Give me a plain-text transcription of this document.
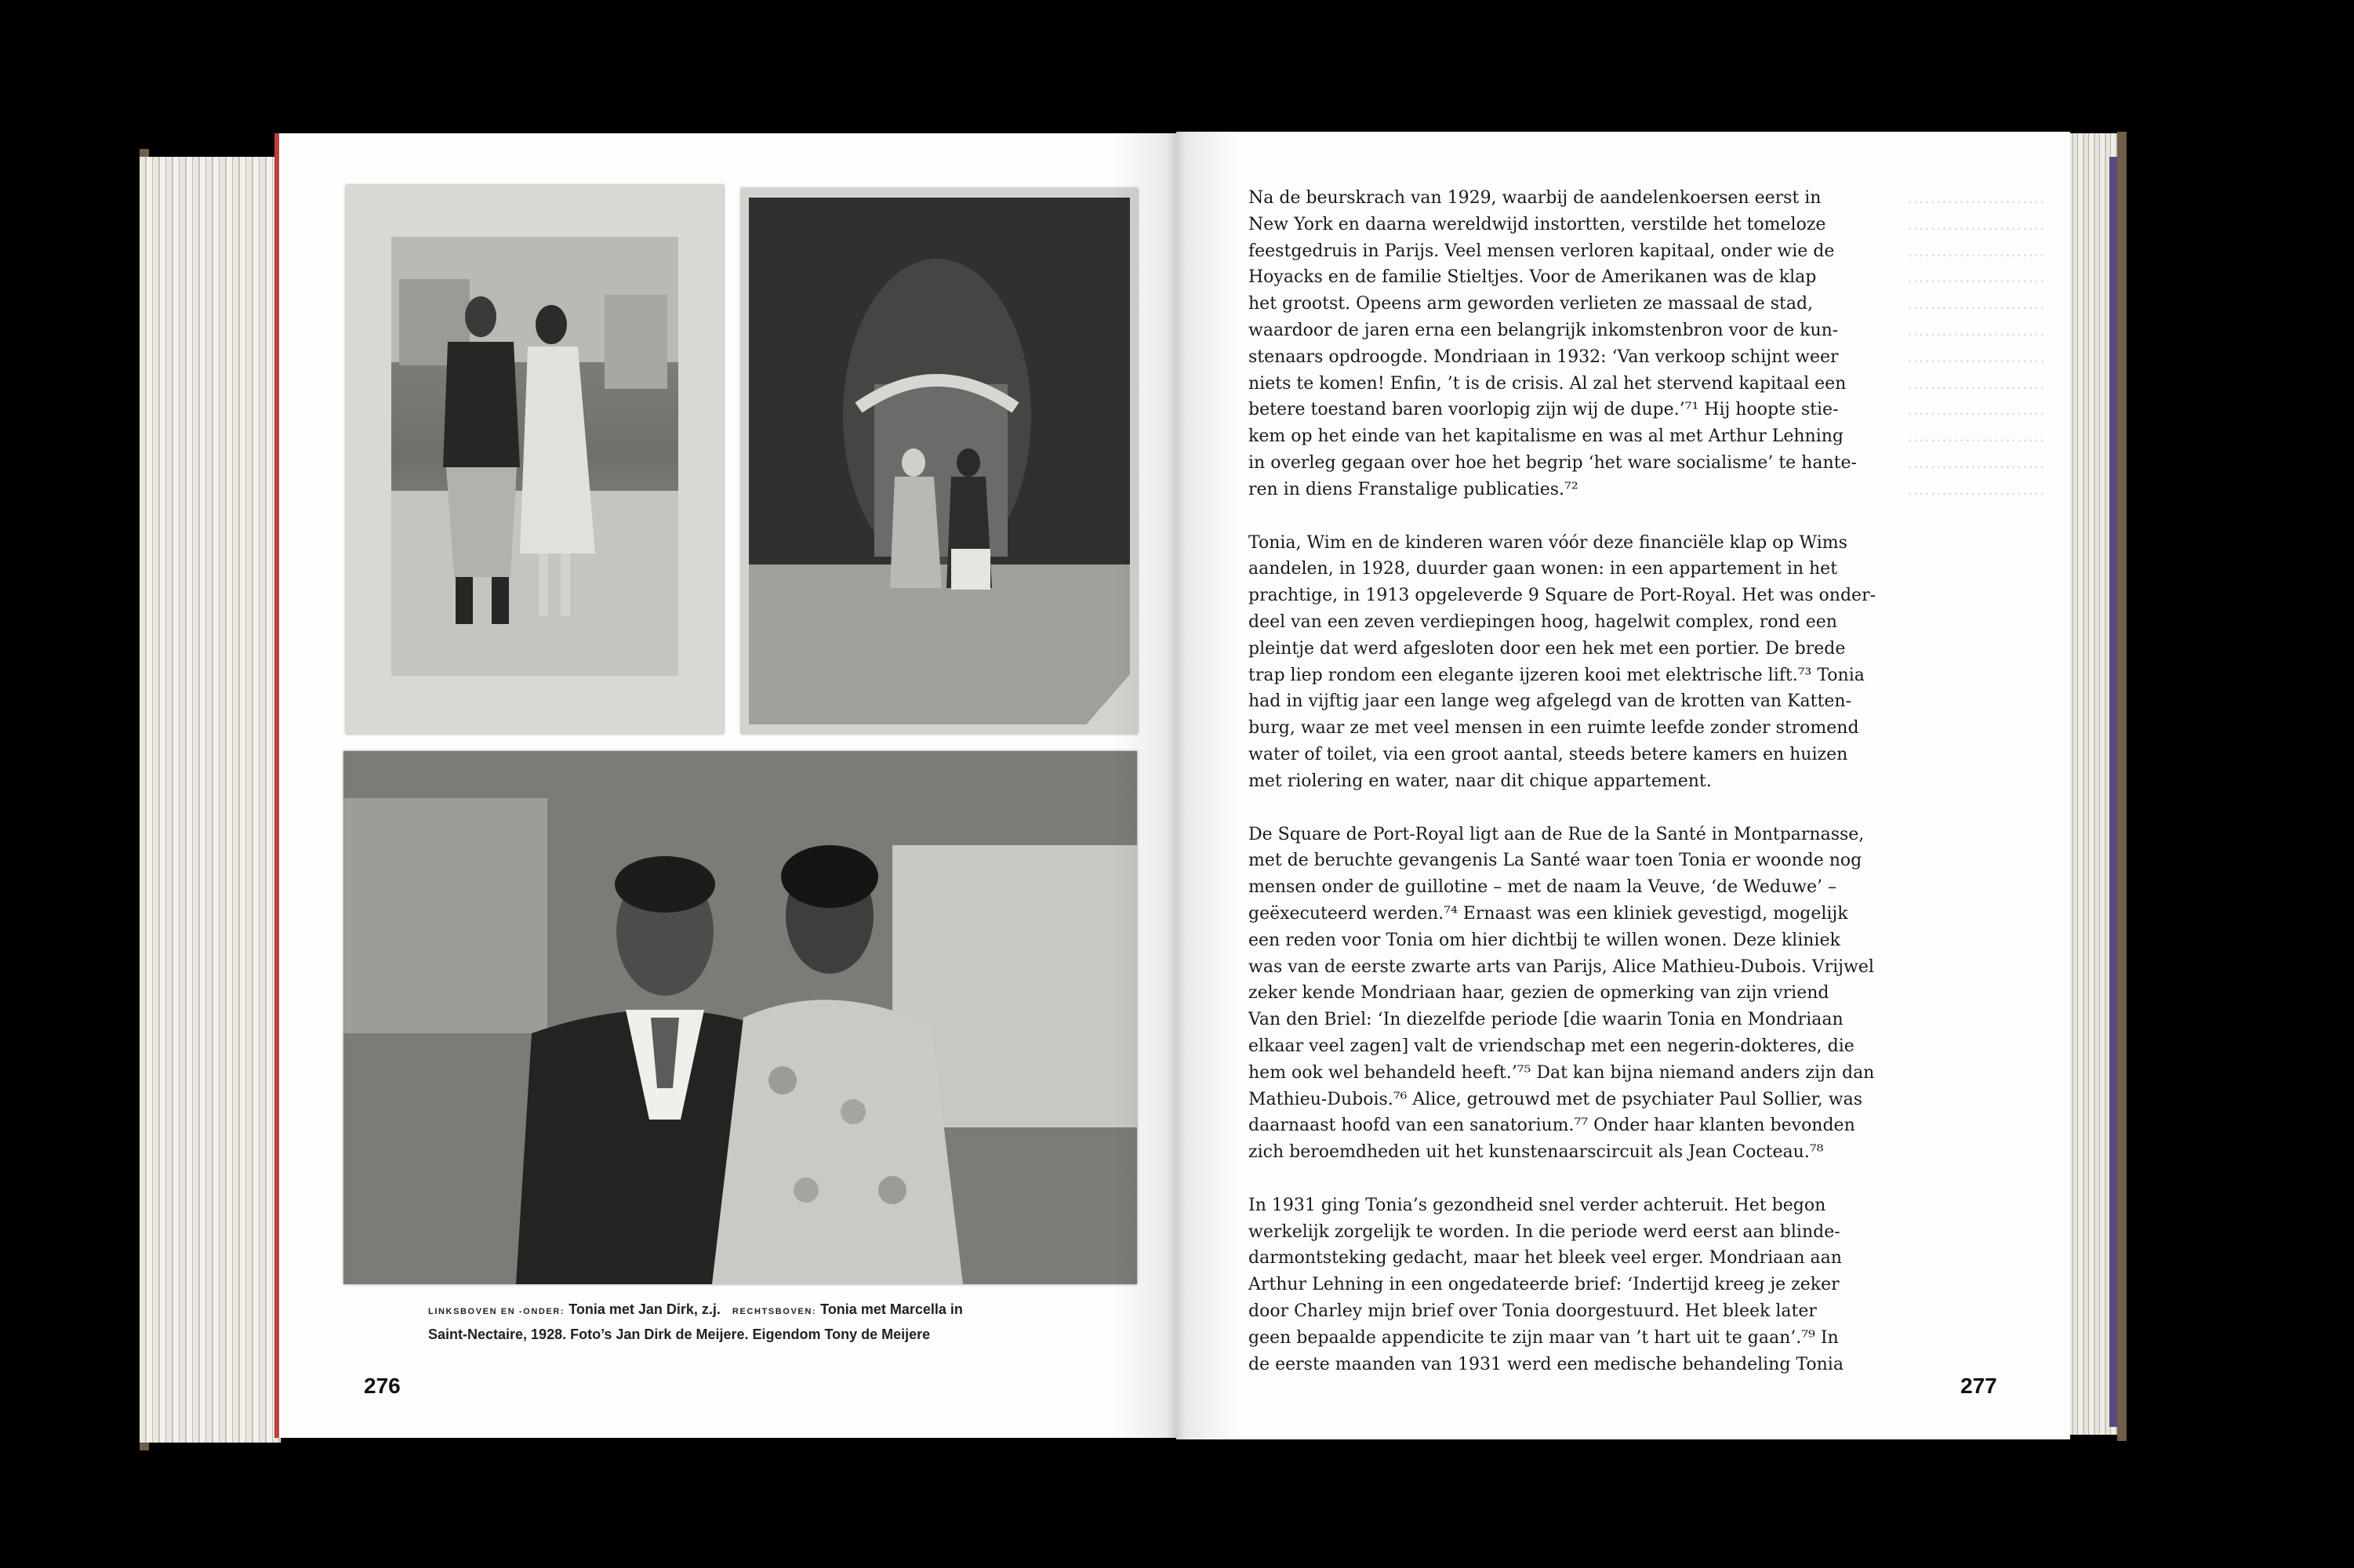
LINKSBOVEN EN -ONDER: Tonia met Jan Dirk, z.j. RECHTSBOVEN: Tonia met Marcella in
Saint-Nectaire, 1928. Foto’s Jan Dirk de Meijere. Eigendom Tony de Meijere
276
……………………
……………………
……………………
……………………
……………………
……………………
……………………
……………………
……………………
……………………
……………………
……………………

Na de beurskrach van 1929, waarbij de aandelenkoersen eerst in
New York en daarna wereldwijd instortten, verstilde het tomeloze
feestgedruis in Parijs. Veel mensen verloren kapitaal, onder wie de
Hoyacks en de familie Stieltjes. Voor de Amerikanen was de klap
het grootst. Opeens arm geworden verlieten ze massaal de stad,
waardoor de jaren erna een belangrijk inkomstenbron voor de kun-
stenaars opdroogde. Mondriaan in 1932: ‘Van verkoop schijnt weer
niets te komen! Enfin, ’t is de crisis. Al zal het stervend kapitaal een
betere toestand baren voorlopig zijn wij de dupe.’⁷¹ Hij hoopte stie-
kem op het einde van het kapitalisme en was al met Arthur Lehning
in overleg gegaan over hoe het begrip ‘het ware socialisme’ te hante-
ren in diens Franstalige publicaties.⁷²

Tonia, Wim en de kinderen waren vóór deze financiële klap op Wims
aandelen, in 1928, duurder gaan wonen: in een appartement in het
prachtige, in 1913 opgeleverde 9 Square de Port-Royal. Het was onder-
deel van een zeven verdiepingen hoog, hagelwit complex, rond een
pleintje dat werd afgesloten door een hek met een portier. De brede
trap liep rondom een elegante ijzeren kooi met elektrische lift.⁷³ Tonia
had in vijftig jaar een lange weg afgelegd van de krotten van Katten-
burg, waar ze met veel mensen in een ruimte leefde zonder stromend
water of toilet, via een groot aantal, steeds betere kamers en huizen
met riolering en water, naar dit chique appartement.

De Square de Port-Royal ligt aan de Rue de la Santé in Montparnasse,
met de beruchte gevangenis La Santé waar toen Tonia er woonde nog
mensen onder de guillotine – met de naam la Veuve, ‘de Weduwe’ –
geëxecuteerd werden.⁷⁴ Ernaast was een kliniek gevestigd, mogelijk
een reden voor Tonia om hier dichtbij te willen wonen. Deze kliniek
was van de eerste zwarte arts van Parijs, Alice Mathieu-Dubois. Vrijwel
zeker kende Mondriaan haar, gezien de opmerking van zijn vriend
Van den Briel: ‘In diezelfde periode [die waarin Tonia en Mondriaan
elkaar veel zagen] valt de vriendschap met een negerin-dokteres, die
hem ook wel behandeld heeft.’⁷⁵ Dat kan bijna niemand anders zijn dan
Mathieu-Dubois.⁷⁶ Alice, getrouwd met de psychiater Paul Sollier, was
daarnaast hoofd van een sanatorium.⁷⁷ Onder haar klanten bevonden
zich beroemdheden uit het kunstenaarscircuit als Jean Cocteau.⁷⁸

In 1931 ging Tonia’s gezondheid snel verder achteruit. Het begon
werkelijk zorgelijk te worden. In die periode werd eerst aan blinde-
darmontsteking gedacht, maar het bleek veel erger. Mondriaan aan
Arthur Lehning in een ongedateerde brief: ‘Indertijd kreeg je zeker
door Charley mijn brief over Tonia doorgestuurd. Het bleek later
geen bepaalde appendicite te zijn maar van ’t hart uit te gaan’.⁷⁹ In
de eerste maanden van 1931 werd een medische behandeling Tonia

277
